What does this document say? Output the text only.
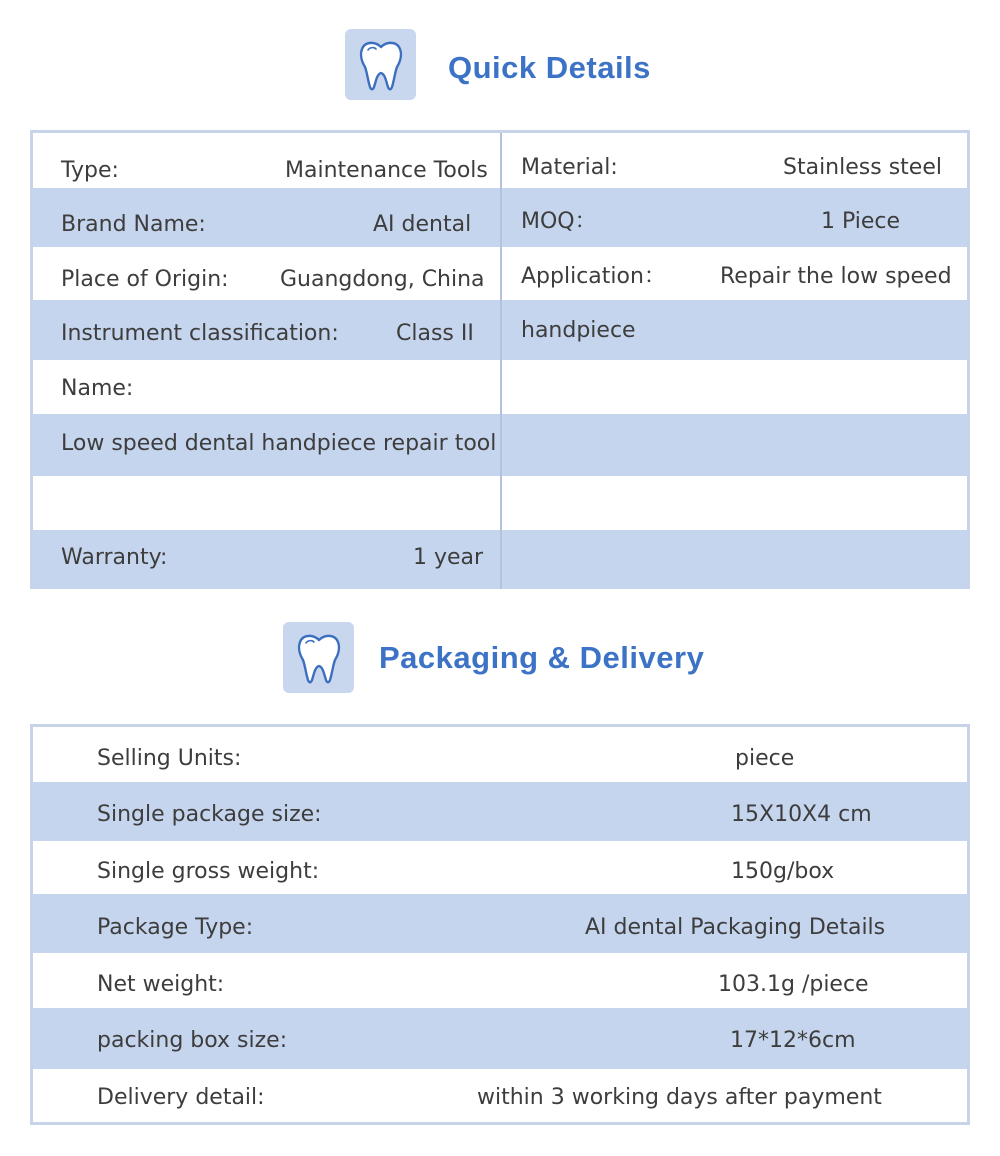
Quick Details
Type:	Maintenance Tools
Brand Name:	AI dental
Place of Origin: Guangdong, China
Instrument classification:	Class II
Name:
Low speed dental handpiece repair tool
Warranty:	1 year
Material:	Stainless steel
MOQ：	1 Piece
Application： Repair the low speed
handpiece
Packaging & Delivery
Selling Units:	piece
Single package size:	15X10X4 cm
Single gross weight:	150g/box
Package Type:	AI dental Packaging Details
Net weight:	103.1g /piece
packing box size:	17*12*6cm
Delivery detail:	within 3 working days after payment
